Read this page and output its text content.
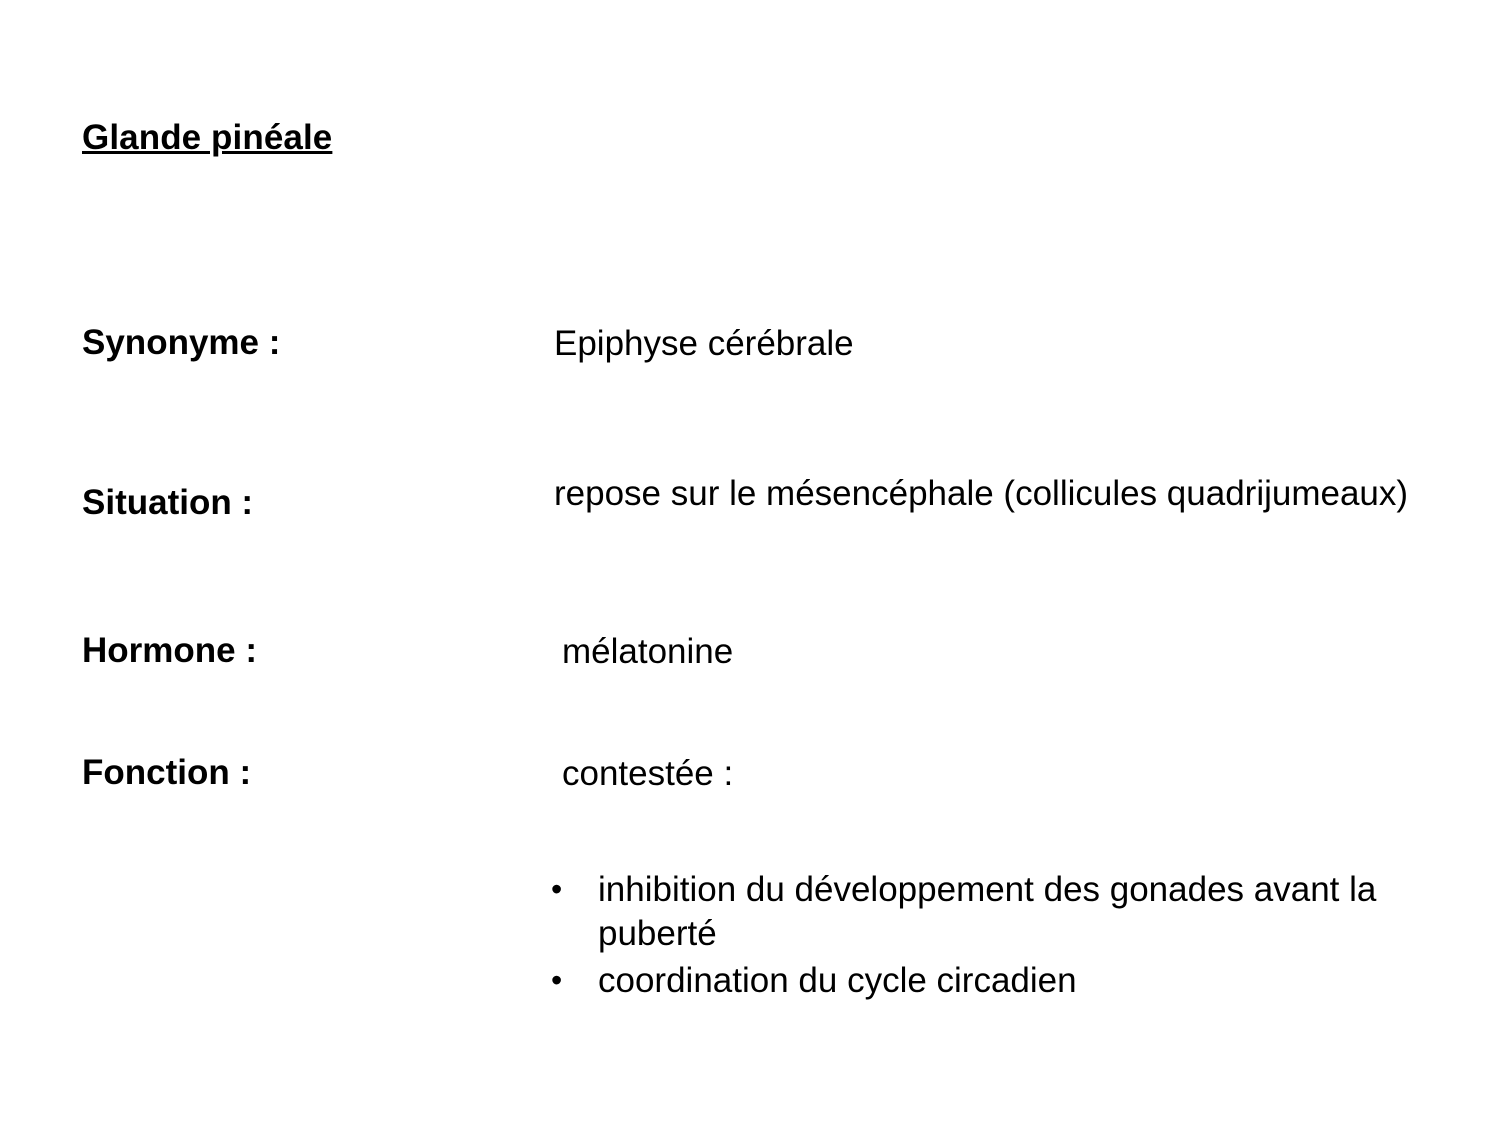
Glande pinéale
Synonyme :	Epiphyse cérébrale
Situation :	repose sur le mésencéphale (collicules quadrijumeaux)
Hormone :	mélatonine
Fonction :	contestée :
•	inhibition du développement des gonades avant la puberté
•	coordination du cycle circadien
